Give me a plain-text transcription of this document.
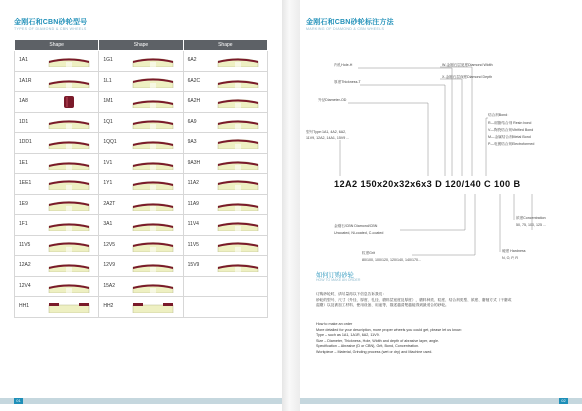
金刚石和CBN砂轮型号
TYPES OF DIAMOND & CBN WHEELS
Shape	Shape	Shape

1A1	1G1	6A2

1A1R	1L1	6A2C

1A8	1M1	6A2H

1D1	1Q1	6A9

1DD1	1QQ1	9A3

1E1	1V1	9A3H

1EE1	1Y1	11A2

1E9	2A2T	11A9

1F1	3A1	11V4

11V5	12V5	11V5

12A2	12V9	15V9

12V4	15A2	

HH1	HH2	

01
金刚石和CBN砂轮标注方法
MARKING OF DIAMOND & CBN WHEELS
内孔Hole-H
厚度Thickness-T
外径Diameter-OD
W-金刚石层宽度Diamond Width
X-金刚石层深度Diamond Depth
型号Type:1A1, 4A2, 6A2,
11V9, 12A2, 14A1, 15V9 ...
结合剂Bond：
R—树脂结合剂 Resin bond
V—陶瓷结合剂Vitrified Bond
M—金属结合剂Metal Bond
P—电镀结合剂Electroformed
12A2 150x20x32x6x3 D 120/140 C 100 B
金刚石/CBN Diamond/CBN
Uncoated, Ni-coated, C-coated
粒度Grit
80/100, 100/120, 120/140, 140/170...
浓度Concentration
50, 75, 100, 125 ...
硬度 Hardness
N, O, P, R
如何订购砂轮
HOW TO MAKE AN ORDER
订购砂轮时，请尽量再以下信息告诉我们：
砂轮的型号、尺寸（外径、厚度、孔径、磨料层宽度及厚度），磨料种类、粒度、结合剂类型、浓度、磨削方式（干磨或
湿磨）以及被加工材料、使用设备、用途等，描述越清楚越能得到最适合的砂轮。
How to make an order
More detailed for your description, more proper wheels you could get, please let us know:
Type – such as 1A1, 1A1R, 6A2, 11V9.
Size – Diameter, Thickness, Hole, Width and depth of abrasive layer, angle.
Specification – Abrasive (D or CBN), Grit, Bond, Concentration.
Workpiece – Material, Grinding process (wet or dry) and Machine used.
02
